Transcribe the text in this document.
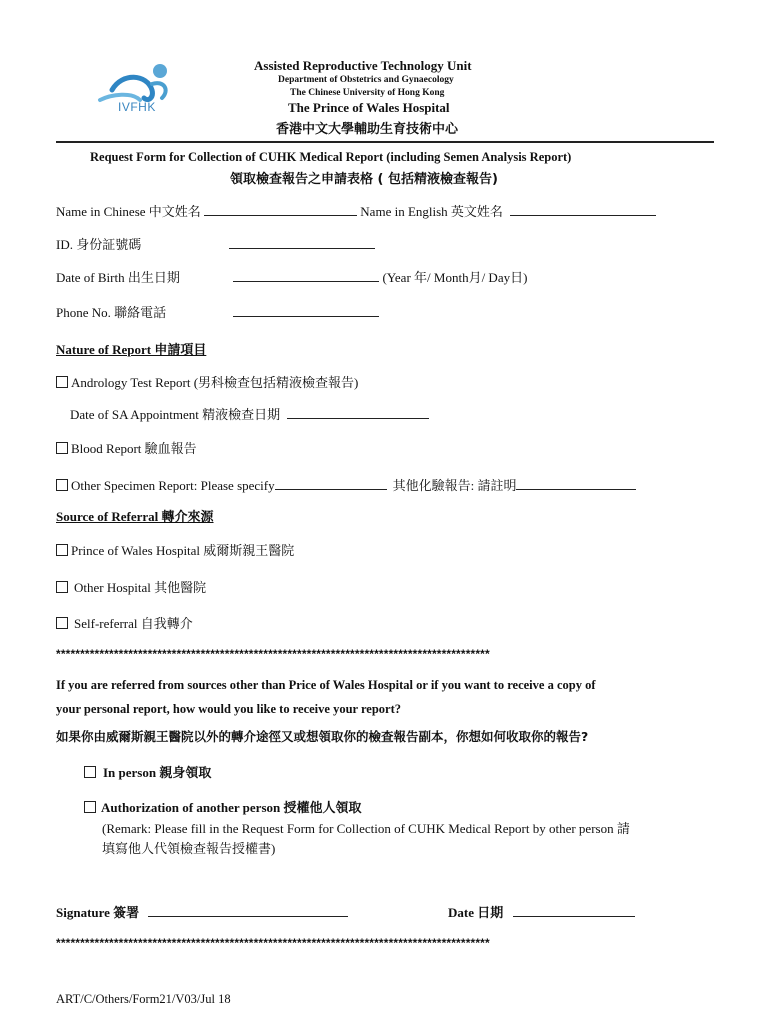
IVFHK
Assisted Reproductive Technology Unit
Department of Obstetrics and Gynaecology
The Chinese University of Hong Kong
The Prince of Wales Hospital
香港中文大學輔助生育技術中心
Request Form for Collection of CUHK Medical Report (including Semen Analysis Report)
領取檢查報告之申請表格 ( 包括精液檢查報告)
Name in Chinese 中文姓名	Name in English 英文姓名
ID. 身份証號碼
Date of Birth 出生日期	(Year 年/ Month月/ Day日)
Phone No. 聯絡電話
Nature of Report 申請項目
Andrology Test Report (男科檢查包括精液檢查報告)
Date of SA Appointment 精液檢查日期
Blood Report 驗血報告
Other Specimen Report: Please specify	其他化驗報告: 請註明
Source of Referral 轉介來源
Prince of Wales Hospital 威爾斯親王醫院
Other Hospital 其他醫院
Self-referral 自我轉介
******************************************************************************************
If you are referred from sources other than Price of Wales Hospital or if you want to receive a copy of
your personal report, how would you like to receive your report?
如果你由威爾斯親王醫院以外的轉介途徑又或想領取你的檢查報告副本，你想如何收取你的報告?
In person 親身領取
Authorization of another person 授權他人領取
(Remark: Please fill in the Request Form for Collection of CUHK Medical Report by other person 請
填寫他人代領檢查報告授權書)
Signature 簽署	Date 日期
******************************************************************************************
ART/C/Others/Form21/V03/Jul 18
